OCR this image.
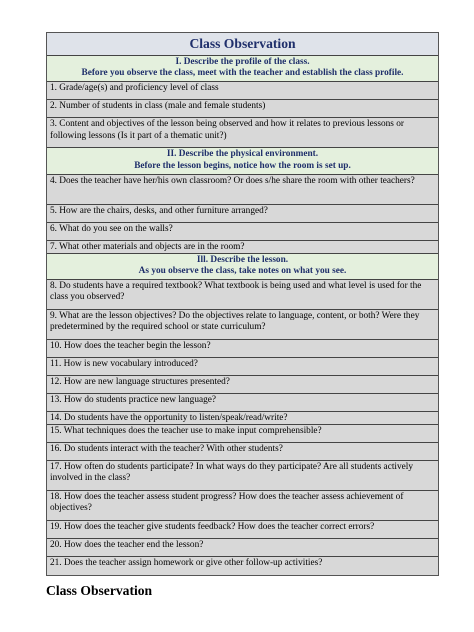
Class Observation
I. Describe the profile of the class.
Before you observe the class, meet with the teacher and establish the class profile.
1. Grade/age(s) and proficiency level of class
2. Number of students in class (male and female students)
3. Content and objectives of the lesson being observed and how it relates to previous lessons or following lessons (Is it part of a thematic unit?)
II. Describe the physical environment.
Before the lesson begins, notice how the room is set up.
4. Does the teacher have her/his own classroom? Or does s/he share the room with other teachers?
5. How are the chairs, desks, and other furniture arranged?
6. What do you see on the walls?
7. What other materials and objects are in the room?
Ill. Describe the lesson.
As you observe the class, take notes on what you see.
8. Do students have a required textbook? What textbook is being used and what level is used for the class you observed?
9. What are the lesson objectives? Do the objectives relate to language, content, or both? Were they predetermined by the required school or state curriculum?
10. How does the teacher begin the lesson?
11. How is new vocabulary introduced?
12. How are new language structures presented?
13. How do students practice new language?
14. Do students have the opportunity to listen/speak/read/write?
15. What techniques does the teacher use to make input comprehensible?
16. Do students interact with the teacher? With other students?
17. How often do students participate? In what ways do they participate? Are all students actively involved in the class?
18. How does the teacher assess student progress? How does the teacher assess achievement of objectives?
19. How does the teacher give students feedback? How does the teacher correct errors?
20. How does the teacher end the lesson?
21. Does the teacher assign homework or give other follow-up activities?
Class Observation
